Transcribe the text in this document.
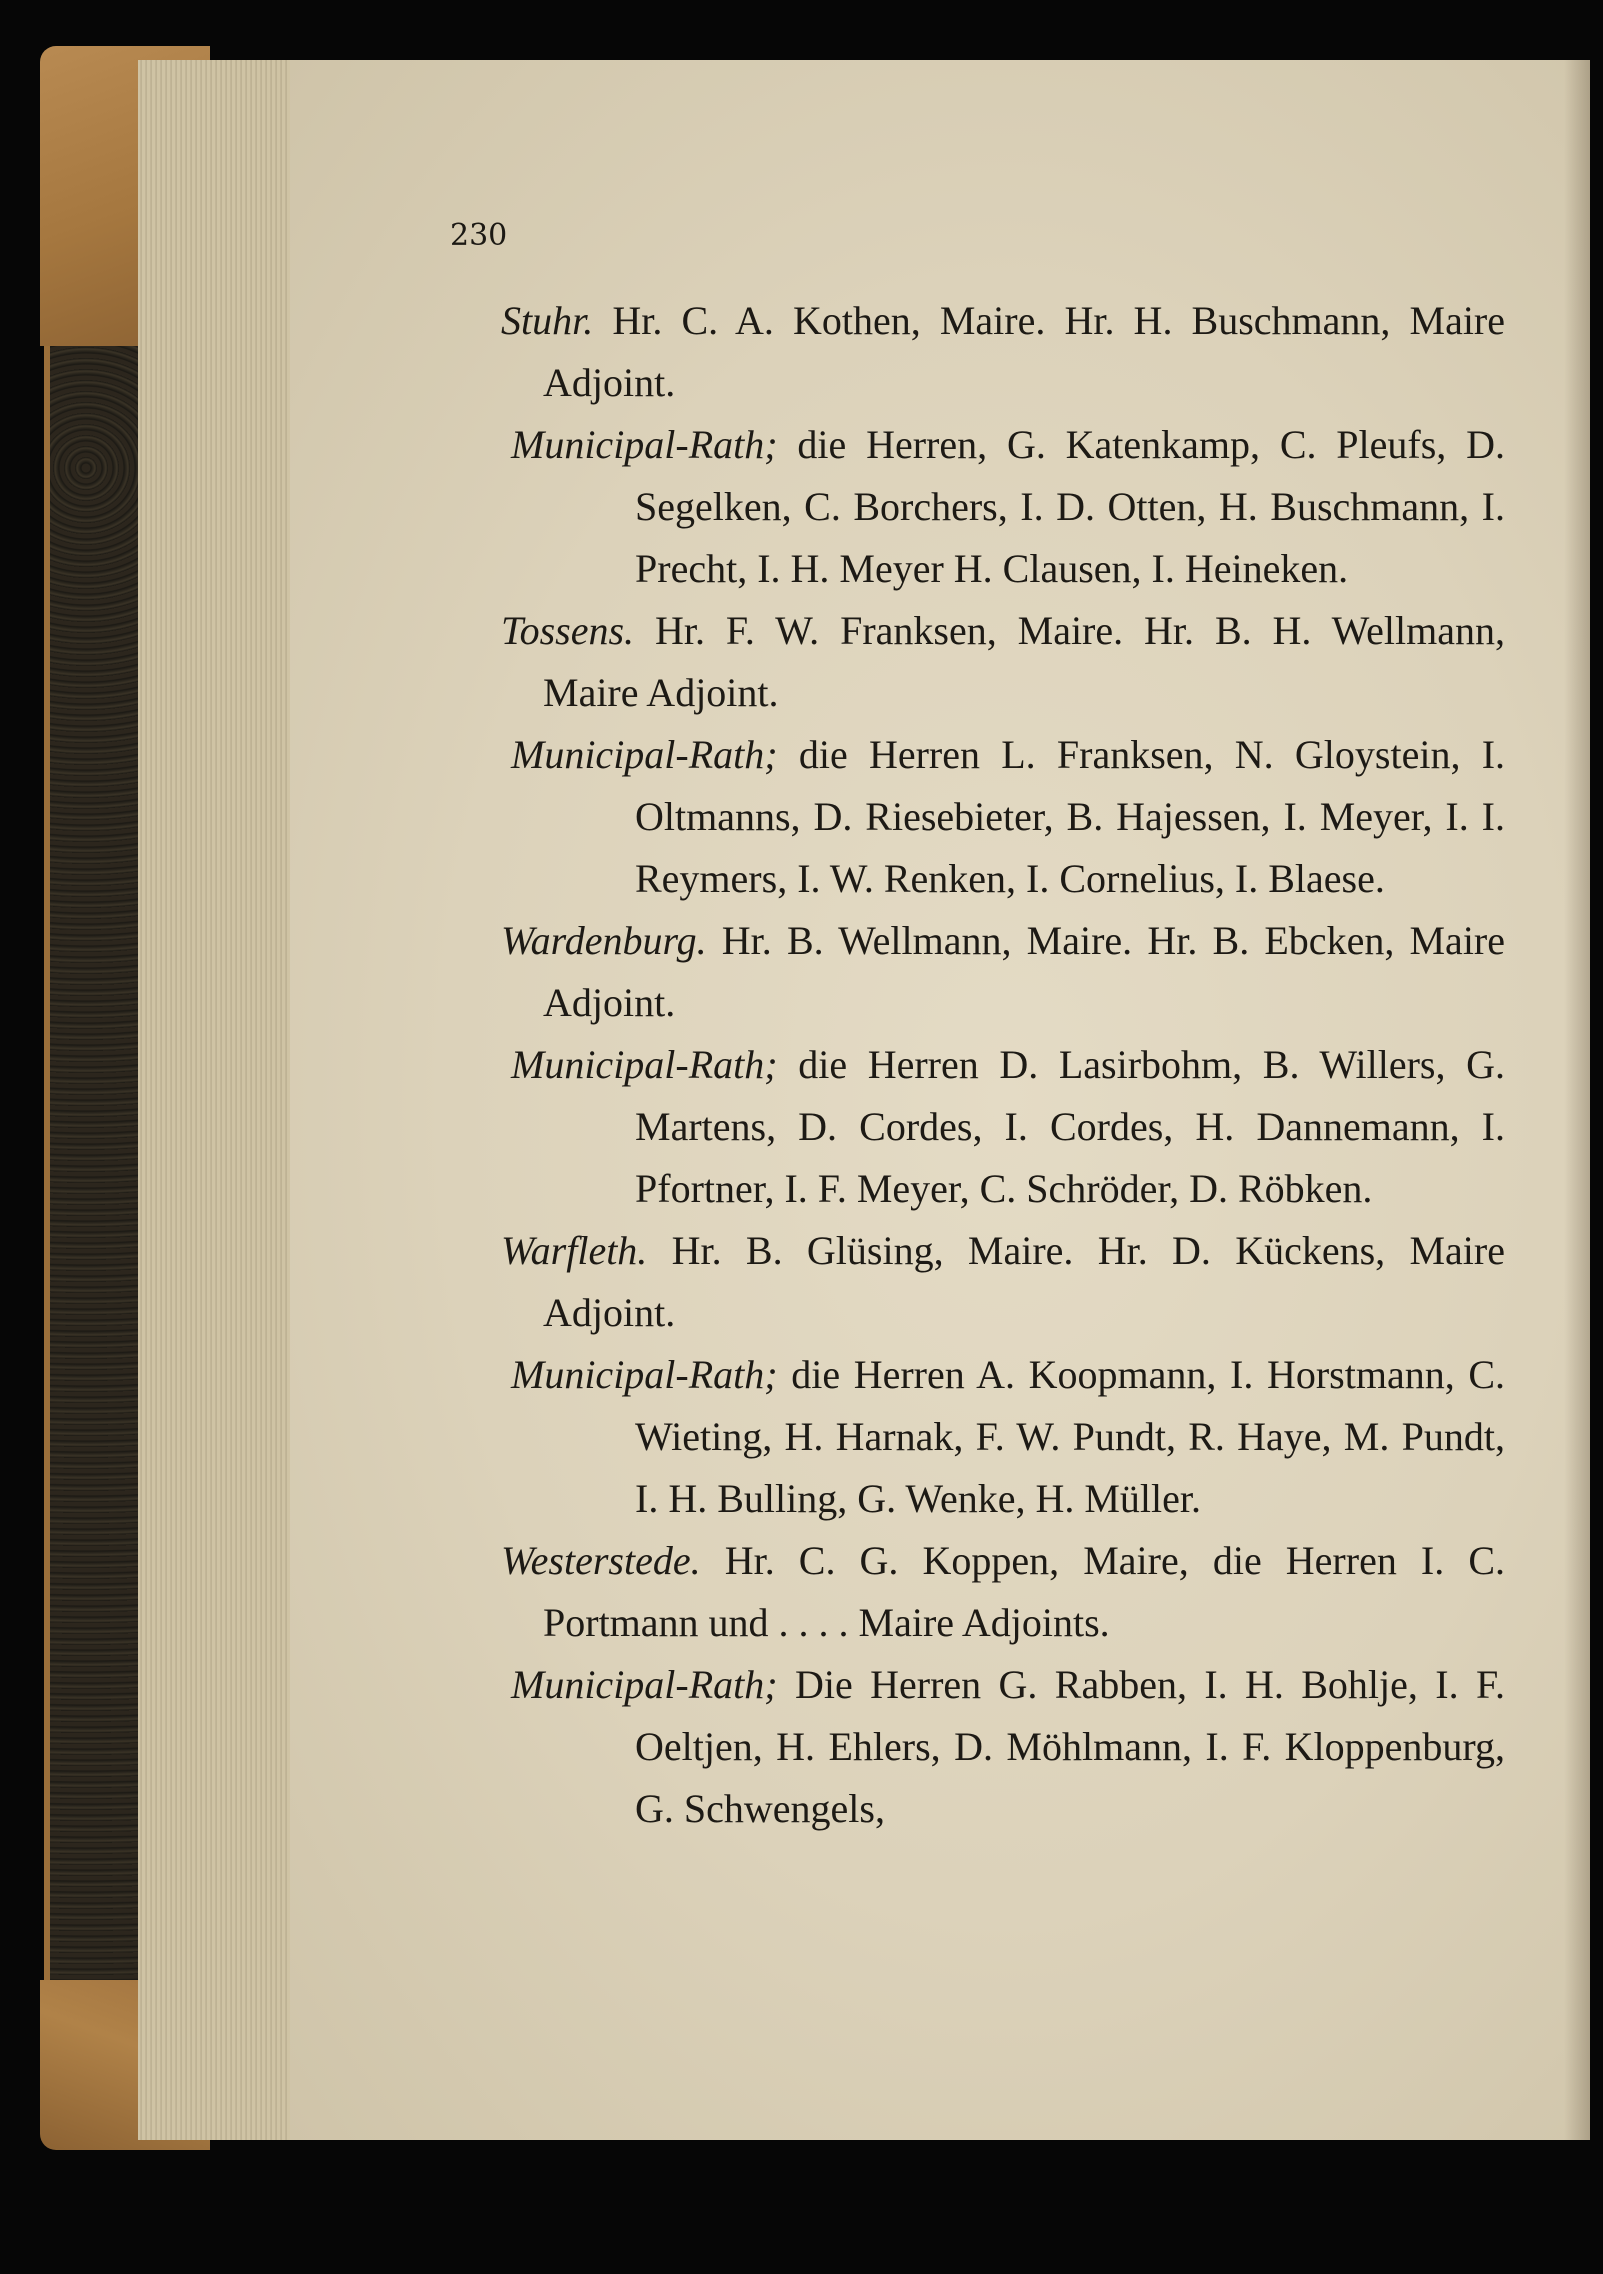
230

Stuhr. Hr. C. A. Kothen, Maire. Hr. H. Buschmann, Maire Adjoint.

Municipal-Rath; die Herren, G. Katenkamp, C. Pleufs, D. Segelken, C. Borchers, I. D. Otten, H. Buschmann, I. Precht, I. H. Meyer H. Clausen, I. Heineken.

Tossens. Hr. F. W. Franksen, Maire. Hr. B. H. Wellmann, Maire Adjoint.

Municipal-Rath; die Herren L. Franksen, N. Gloystein, I. Oltmanns, D. Riesebieter, B. Hajessen, I. Meyer, I. I. Reymers, I. W. Renken, I. Cornelius, I. Blaese.

Wardenburg. Hr. B. Wellmann, Maire. Hr. B. Ebcken, Maire Adjoint.

Municipal-Rath; die Herren D. Lasirbohm, B. Willers, G. Martens, D. Cordes, I. Cordes, H. Dannemann, I. Pfortner, I. F. Meyer, C. Schröder, D. Röbken.

Warfleth. Hr. B. Glüsing, Maire. Hr. D. Kückens, Maire Adjoint.

Municipal-Rath; die Herren A. Koopmann, I. Horstmann, C. Wieting, H. Harnak, F. W. Pundt, R. Haye, M. Pundt, I. H. Bulling, G. Wenke, H. Müller.

Westerstede. Hr. C. G. Koppen, Maire, die Herren I. C. Portmann und . . . . Maire Adjoints.

Municipal-Rath; Die Herren G. Rabben, I. H. Bohlje, I. F. Oeltjen, H. Ehlers, D. Möhlmann, I. F. Kloppenburg, G. Schwengels,
